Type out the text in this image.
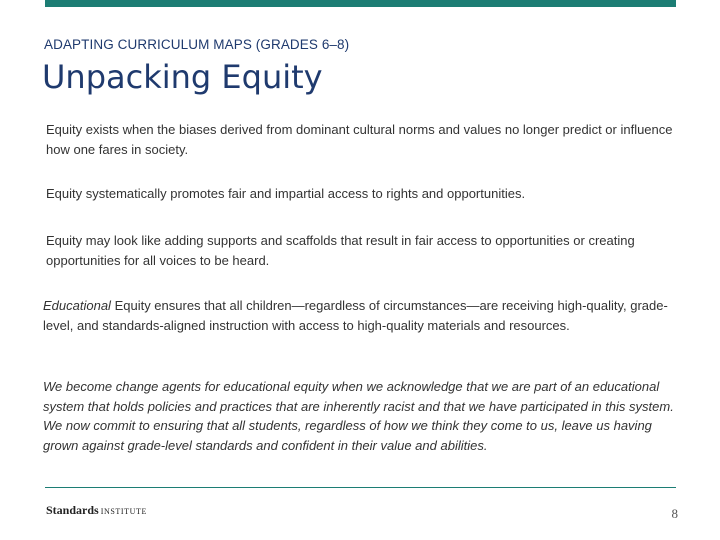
ADAPTING CURRICULUM MAPS (GRADES 6–8)
Unpacking Equity

Equity exists when the biases derived from dominant cultural norms and values no longer predict or influence how one fares in society.

Equity systematically promotes fair and impartial access to rights and opportunities.

Equity may look like adding supports and scaffolds that result in fair access to opportunities or creating opportunities for all voices to be heard.

Educational Equity ensures that all children—regardless of circumstances—are receiving high-quality, grade-level, and standards-aligned instruction with access to high-quality materials and resources.

We become change agents for educational equity when we acknowledge that we are part of an educational system that holds policies and practices that are inherently racist and that we have participated in this system. We now commit to ensuring that all students, regardless of how we think they come to us, leave us having grown against grade-level standards and confident in their value and abilities.

Standards INSTITUTE	8
